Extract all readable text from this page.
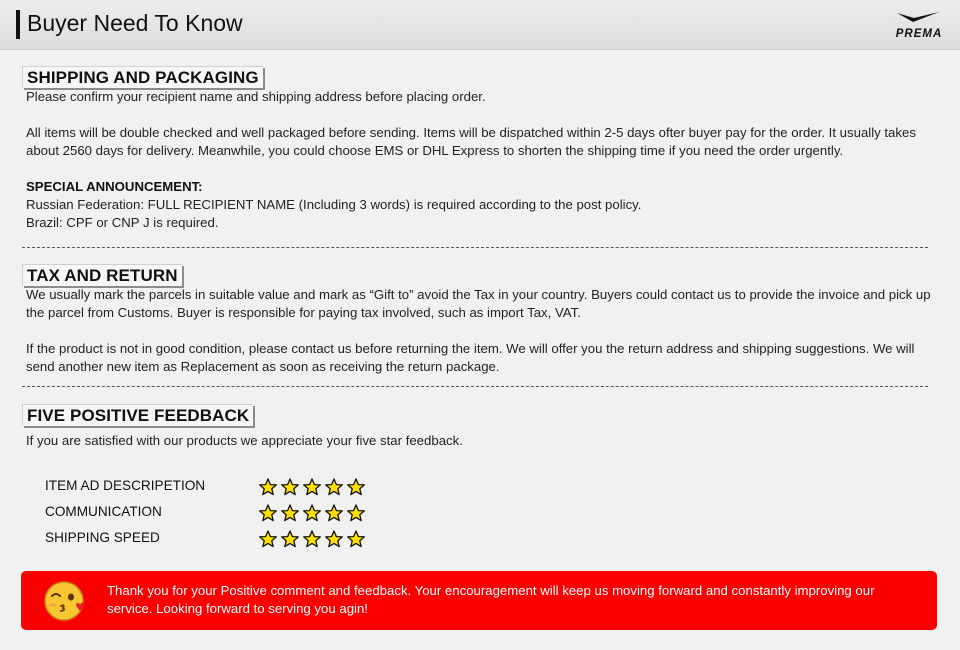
Buyer Need To Know	PREMA
SHIPPING AND PACKAGING
Please confirm your recipient name and shipping address before placing order.
All items will be double checked and well packaged before sending. Items will be dispatched within 2-5 days ofter buyer pay for the order. It usually takes about 2560 days for delivery. Meanwhile, you could choose EMS or DHL Express to shorten the shipping time if you need the order urgently.
SPECIAL ANNOUNCEMENT:
Russian Federation: FULL RECIPIENT NAME (Including 3 words) is required according to the post policy.
Brazil: CPF or CNP J is required.
TAX AND RETURN
We usually mark the parcels in suitable value and mark as “Gift to” avoid the Tax in your country. Buyers could contact us to provide the invoice and pick up the parcel from Customs. Buyer is responsible for paying tax involved, such as import Tax, VAT.
If the product is not in good condition, please contact us before returning the item. We will offer you the return address and shipping suggestions. We will send another new item as Replacement as soon as receiving the return package.
FIVE POSITIVE FEEDBACK
If you are satisfied with our products we appreciate your five star feedback.
ITEM AD DESCRIPETION
COMMUNICATION
SHIPPING SPEED
Thank you for your Positive comment and feedback. Your encouragement will keep us moving forward and constantly improving our service. Looking forward to serving you agin!
